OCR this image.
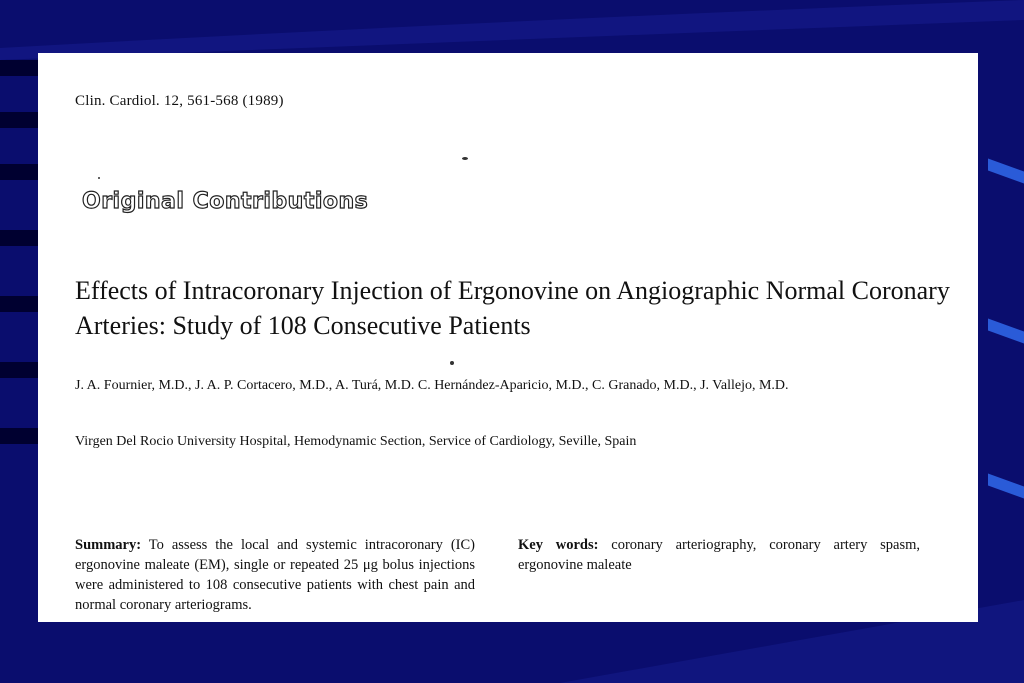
Clin. Cardiol. 12, 561-568 (1989)
Original Contributions
Effects of Intracoronary Injection of Ergonovine on Angiographic Normal Coronary Arteries: Study of 108 Consecutive Patients
J. A. Fournier, M.D., J. A. P. Cortacero, M.D., A. Turá, M.D. C. Hernández-Aparicio, M.D., C. Granado, M.D., J. Vallejo, M.D.
Virgen Del Rocio University Hospital, Hemodynamic Section, Service of Cardiology, Seville, Spain
Summary: To assess the local and systemic intracoronary (IC) ergonovine maleate (EM), single or repeated 25 μg bolus injections were administered to 108 consecutive patients with chest pain and normal coronary arteriograms.
Key words: coronary arteriography, coronary artery spasm, ergonovine maleate
